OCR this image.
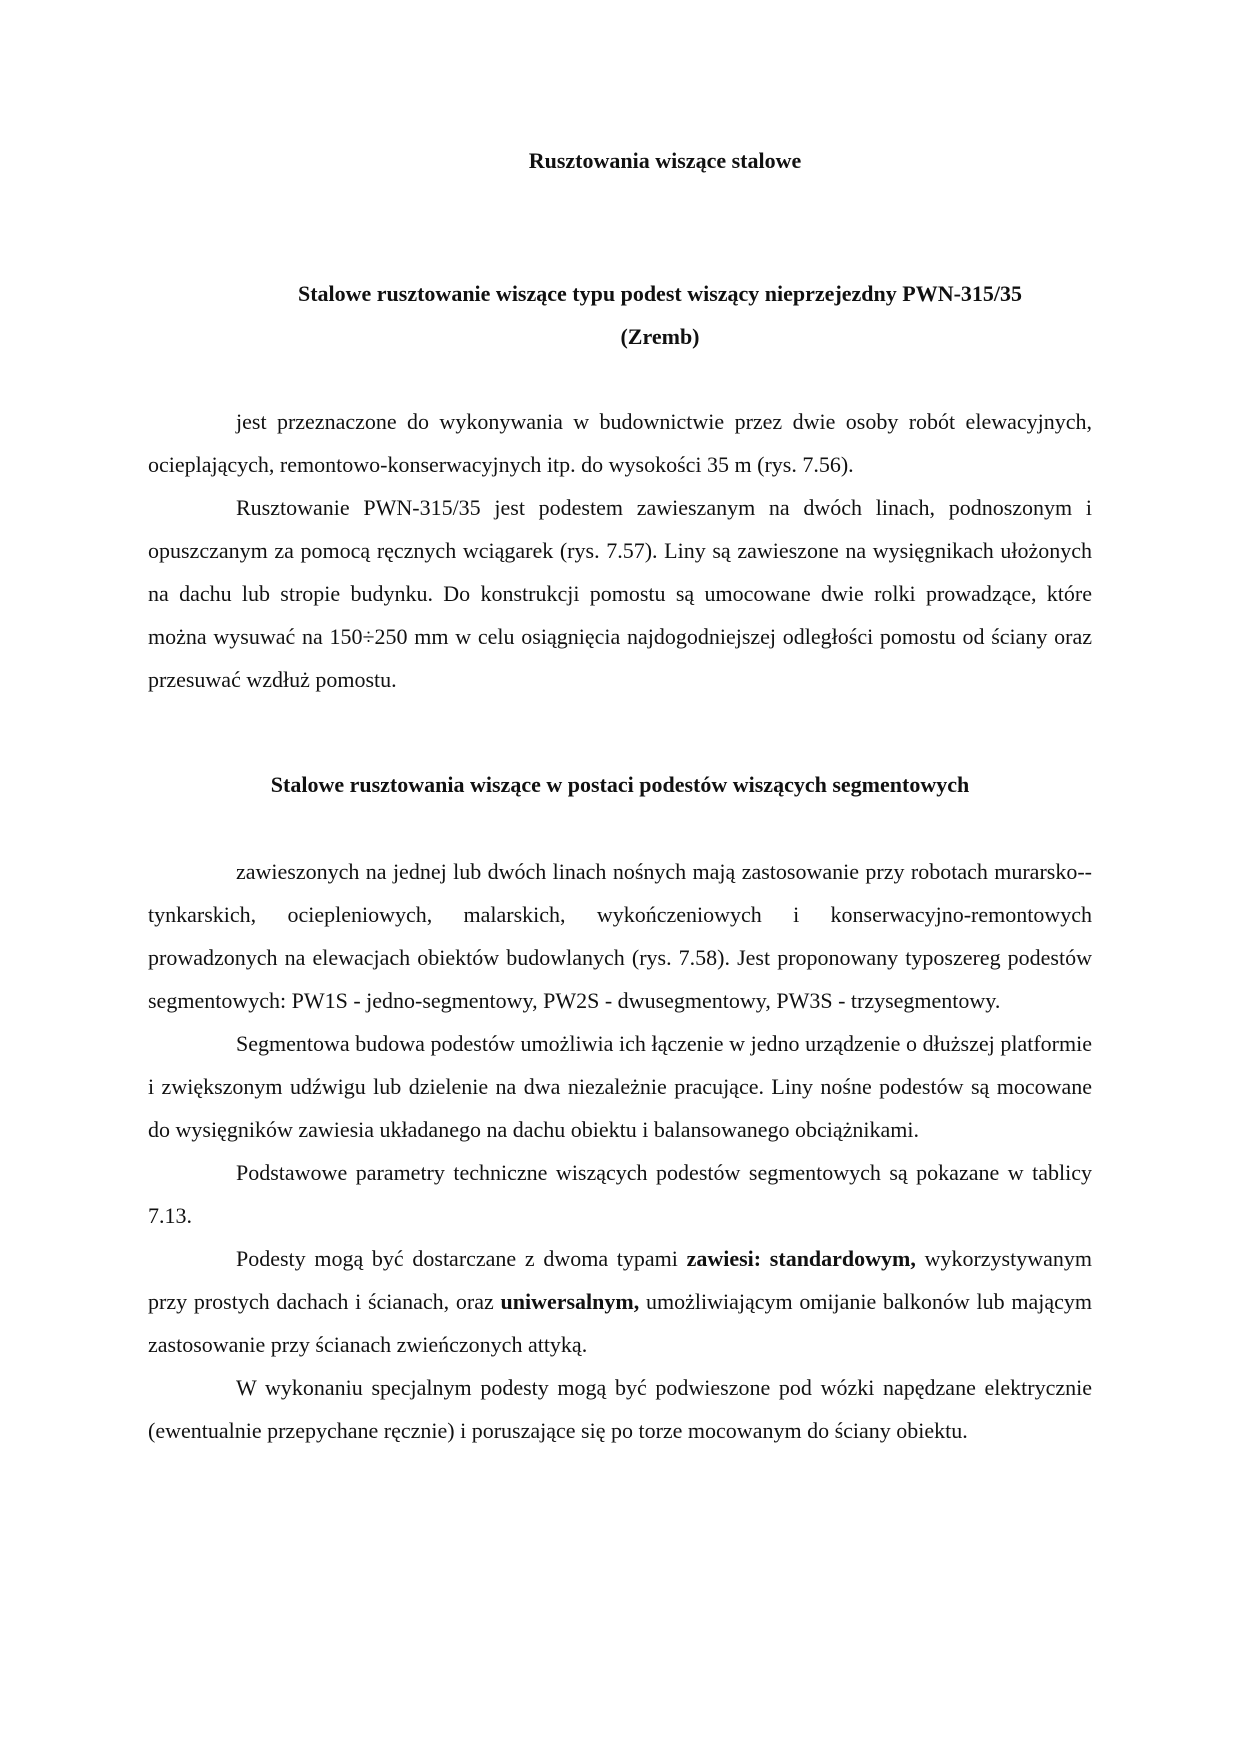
Rusztowania wiszące stalowe
Stalowe rusztowanie wiszące typu podest wiszący nieprzejezdny PWN-315/35
(Zremb)

jest przeznaczone do wykonywania w budownictwie przez dwie osoby robót elewacyjnych, ocieplających, remontowo-konserwacyjnych itp. do wysokości 35 m (rys. 7.56).

Rusztowanie PWN-315/35 jest podestem zawieszanym na dwóch linach, podnoszonym i opuszczanym za pomocą ręcznych wciągarek (rys. 7.57). Liny są zawieszone na wysięgnikach ułożonych na dachu lub stropie budynku. Do konstrukcji pomostu są umocowane dwie rolki prowadzące, które można wysuwać na 150÷250 mm w celu osiągnięcia najdogodniejszej odległości pomostu od ściany oraz przesuwać wzdłuż pomostu.

Stalowe rusztowania wiszące w postaci podestów wiszących segmentowych

zawieszonych na jednej lub dwóch linach nośnych mają zastosowanie przy robotach murarsko--tynkarskich, ociepleniowych, malarskich, wykończeniowych i konserwacyjno-remontowych prowadzonych na elewacjach obiektów budowlanych (rys. 7.58). Jest proponowany typoszereg podestów segmentowych: PW1S - jedno-segmentowy, PW2S - dwusegmentowy, PW3S - trzysegmentowy.

Segmentowa budowa podestów umożliwia ich łączenie w jedno urządzenie o dłuższej platformie i zwiększonym udźwigu lub dzielenie na dwa niezależnie pracujące. Liny nośne podestów są mocowane do wysięgników zawiesia układanego na dachu obiektu i balansowanego obciążnikami.

Podstawowe parametry techniczne wiszących podestów segmentowych są pokazane w tablicy 7.13.

Podesty mogą być dostarczane z dwoma typami zawiesi: standardowym, wykorzystywanym przy prostych dachach i ścianach, oraz uniwersalnym, umożliwiającym omijanie balkonów lub mającym zastosowanie przy ścianach zwieńczonych attyką.

W wykonaniu specjalnym podesty mogą być podwieszone pod wózki napędzane elektrycznie (ewentualnie przepychane ręcznie) i poruszające się po torze mocowanym do ściany obiektu.
